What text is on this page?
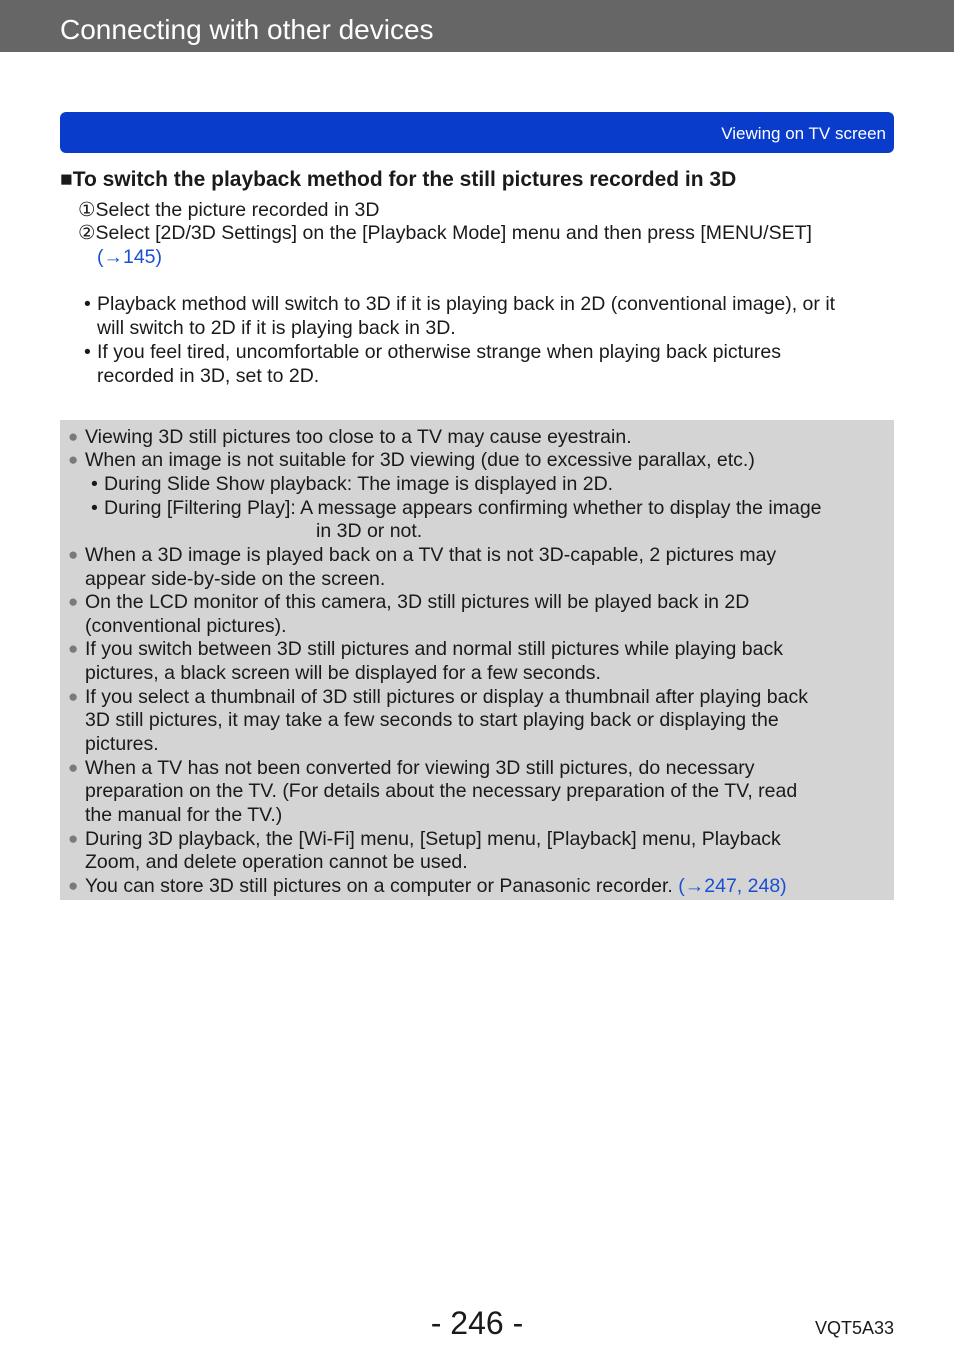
Connecting with other devices
Viewing on TV screen
■To switch the playback method for the still pictures recorded in 3D
①Select the picture recorded in 3D
②Select [2D/3D Settings] on the [Playback Mode] menu and then press [MENU/SET]
(→145)
• Playback method will switch to 3D if it is playing back in 2D (conventional image), or it
will switch to 2D if it is playing back in 3D.
• If you feel tired, uncomfortable or otherwise strange when playing back pictures
recorded in 3D, set to 2D.
● Viewing 3D still pictures too close to a TV may cause eyestrain.
● When an image is not suitable for 3D viewing (due to excessive parallax, etc.)
• During Slide Show playback: The image is displayed in 2D.
• During [Filtering Play]: A message appears confirming whether to display the image
in 3D or not.
● When a 3D image is played back on a TV that is not 3D-capable, 2 pictures may
appear side-by-side on the screen.
● On the LCD monitor of this camera, 3D still pictures will be played back in 2D
(conventional pictures).
● If you switch between 3D still pictures and normal still pictures while playing back
pictures, a black screen will be displayed for a few seconds.
● If you select a thumbnail of 3D still pictures or display a thumbnail after playing back
3D still pictures, it may take a few seconds to start playing back or displaying the
pictures.
● When a TV has not been converted for viewing 3D still pictures, do necessary
preparation on the TV. (For details about the necessary preparation of the TV, read
the manual for the TV.)
● During 3D playback, the [Wi-Fi] menu, [Setup] menu, [Playback] menu, Playback
Zoom, and delete operation cannot be used.
● You can store 3D still pictures on a computer or Panasonic recorder. (→247, 248)
- 246 -	VQT5A33
